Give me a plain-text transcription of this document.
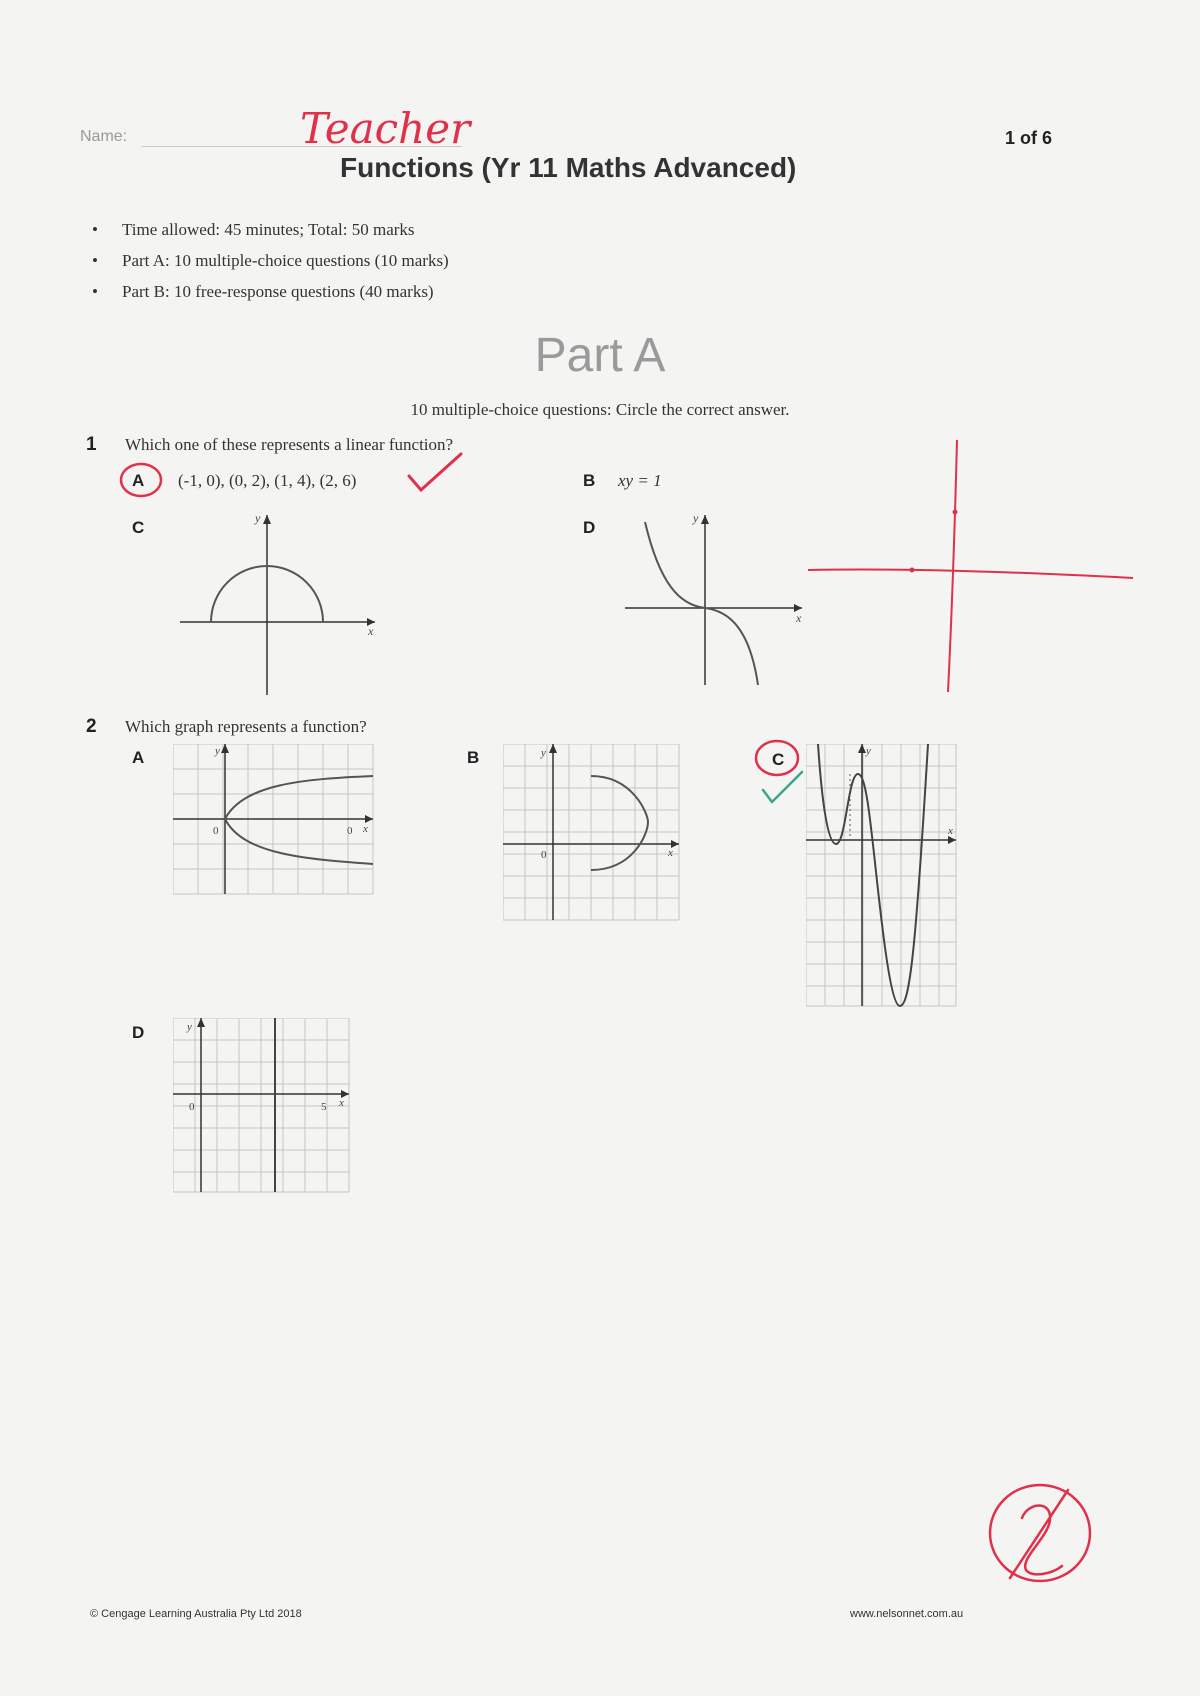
Name:	Teacher	1 of 6
Functions (Yr 11 Maths Advanced)
• Time allowed: 45 minutes; Total: 50 marks
• Part A: 10 multiple-choice questions (10 marks)
• Part B: 10 free-response questions (40 marks)
Part A
10 multiple-choice questions: Circle the correct answer.
1 Which one of these represents a linear function?
A (-1, 0), (0, 2), (1, 4), (2, 6)	B xy = 1
C
x
y	D
x
y
2 Which graph represents a function?
A
0	0 x
y	B
0	x
y	C
x
y
D
0	5 x
y
© Cengage Learning Australia Pty Ltd 2018	www.nelsonnet.com.au
